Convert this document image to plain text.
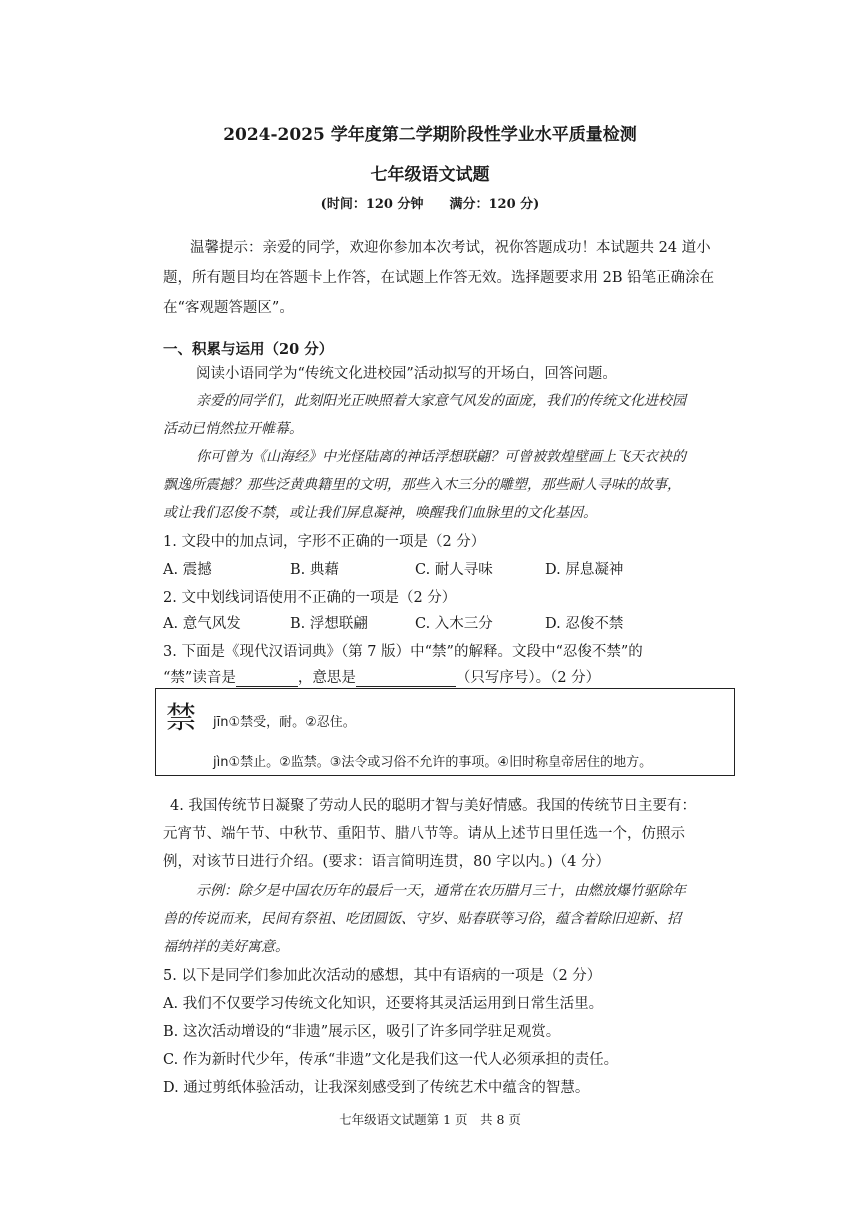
2024-2025 学年度第二学期阶段性学业水平质量检测
七年级语文试题
(时间：120 分钟　　满分：120 分)
温馨提示：亲爱的同学，欢迎你参加本次考试，祝你答题成功！本试题共 24 道小
题，所有题目均在答题卡上作答，在试题上作答无效。选择题要求用 2B 铅笔正确涂在
在“客观题答题区”。
一、积累与运用（20 分）
阅读小语同学为“传统文化进校园”活动拟写的开场白，回答问题。
亲爱的同学们，此刻阳光正映照着大家意气风发的面庞，我们的传统文化进校园
活动已悄然拉开帷幕。
你可曾为《山海经》中光怪陆离的神话浮想联翩？可曾被敦煌壁画上飞天衣袂的
飘逸所震撼？那些泛黄典籍里的文明，那些入木三分的雕塑，那些耐人寻味的故事，
或让我们忍俊不禁，或让我们屏息凝神，唤醒我们血脉里的文化基因。
1. 文段中的加点词，字形不正确的一项是（2 分）
A. 震撼	B. 典藉	C. 耐人寻味	D. 屏息凝神
2. 文中划线词语使用不正确的一项是（2 分）
A. 意气风发	B. 浮想联翩	C. 入木三分	D. 忍俊不禁
3. 下面是《现代汉语词典》（第 7 版）中“禁”的解释。文段中“忍俊不禁”的
“禁”读音是	，意思是	（只写序号）。（2 分）
禁 jīn①禁受，耐。②忍住。
jìn①禁止。②监禁。③法令或习俗不允许的事项。④旧时称皇帝居住的地方。
4. 我国传统节日凝聚了劳动人民的聪明才智与美好情感。我国的传统节日主要有：
元宵节、端午节、中秋节、重阳节、腊八节等。请从上述节日里任选一个，仿照示
例，对该节日进行介绍。(要求：语言简明连贯，80 字以内。)（4 分）
示例：除夕是中国农历年的最后一天，通常在农历腊月三十，由燃放爆竹驱除年
兽的传说而来，民间有祭祖、吃团圆饭、守岁、贴春联等习俗，蕴含着除旧迎新、招
福纳祥的美好寓意。
5. 以下是同学们参加此次活动的感想，其中有语病的一项是（2 分）
A. 我们不仅要学习传统文化知识，还要将其灵活运用到日常生活里。
B. 这次活动增设的“非遗”展示区，吸引了许多同学驻足观赏。
C. 作为新时代少年，传承“非遗”文化是我们这一代人必须承担的责任。
D. 通过剪纸体验活动，让我深刻感受到了传统艺术中蕴含的智慧。
七年级语文试题第 1 页　共 8 页
